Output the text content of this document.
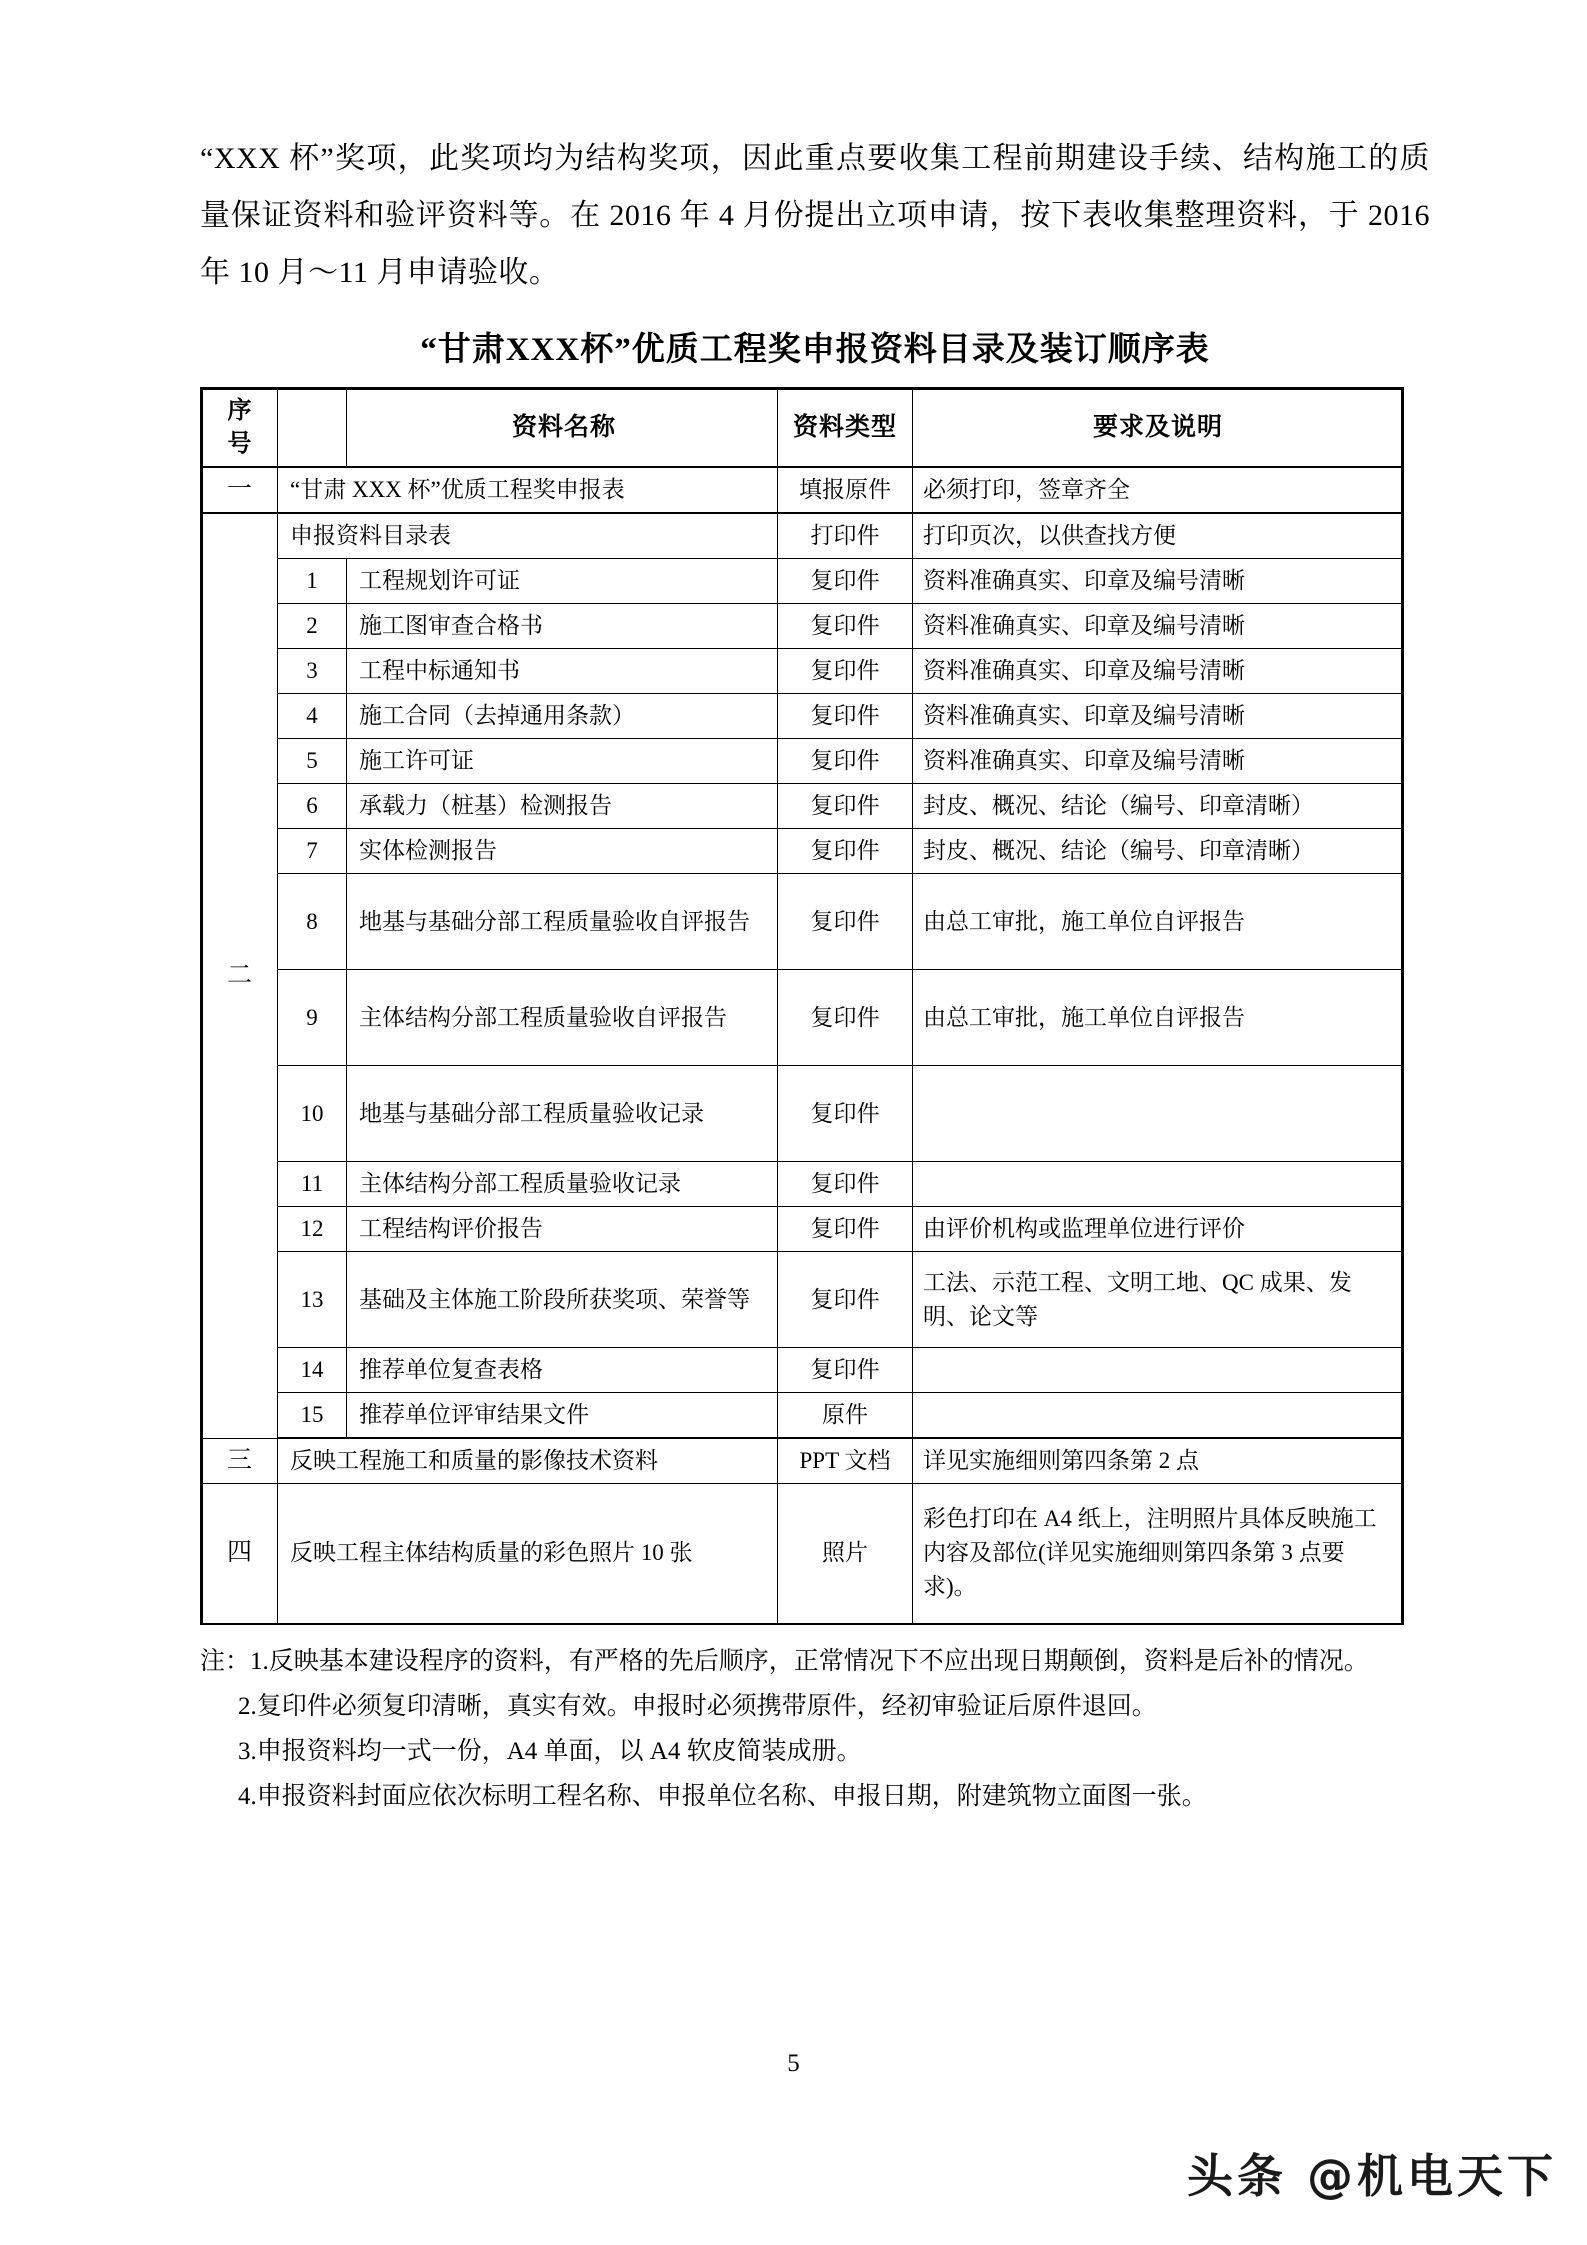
“XXX 杯”奖项，此奖项均为结构奖项，因此重点要收集工程前期建设手续、结构施工的质量保证资料和验评资料等。在 2016 年 4 月份提出立项申请，按下表收集整理资料，于 2016 年 10 月～11 月申请验收。

“甘肃XXX杯”优质工程奖申报资料目录及装订顺序表
序
号		资料名称	资料类型	要求及说明
一	“甘肃 XXX 杯”优质工程奖申报表		填报原件	必须打印，签章齐全
二	申报资料目录表		打印件	打印页次，以供查找方便
	1	工程规划许可证	复印件	资料准确真实、印章及编号清晰
	2	施工图审查合格书	复印件	资料准确真实、印章及编号清晰
	3	工程中标通知书	复印件	资料准确真实、印章及编号清晰
	4	施工合同（去掉通用条款）	复印件	资料准确真实、印章及编号清晰
	5	施工许可证	复印件	资料准确真实、印章及编号清晰
	6	承载力（桩基）检测报告	复印件	封皮、概况、结论（编号、印章清晰）
	7	实体检测报告	复印件	封皮、概况、结论（编号、印章清晰）
	8	地基与基础分部工程质量验收自评报告	复印件	由总工审批，施工单位自评报告
	9	主体结构分部工程质量验收自评报告	复印件	由总工审批，施工单位自评报告
	10	地基与基础分部工程质量验收记录	复印件	
	11	主体结构分部工程质量验收记录	复印件	
	12	工程结构评价报告	复印件	由评价机构或监理单位进行评价
	13	基础及主体施工阶段所获奖项、荣誉等	复印件	工法、示范工程、文明工地、QC 成果、发明、论文等
	14	推荐单位复查表格	复印件	
	15	推荐单位评审结果文件	原件	
三	反映工程施工和质量的影像技术资料		PPT 文档	详见实施细则第四条第 2 点
四	反映工程主体结构质量的彩色照片 10 张		照片	彩色打印在 A4 纸上，注明照片具体反映施工内容及部位(详见实施细则第四条第 3 点要求)。

注：1.反映基本建设程序的资料，有严格的先后顺序，正常情况下不应出现日期颠倒，资料是后补的情况。

2.复印件必须复印清晰，真实有效。申报时必须携带原件，经初审验证后原件退回。

3.申报资料均一式一份，A4 单面，以 A4 软皮简装成册。

4.申报资料封面应依次标明工程名称、申报单位名称、申报日期，附建筑物立面图一张。

5
头条 @机电天下
